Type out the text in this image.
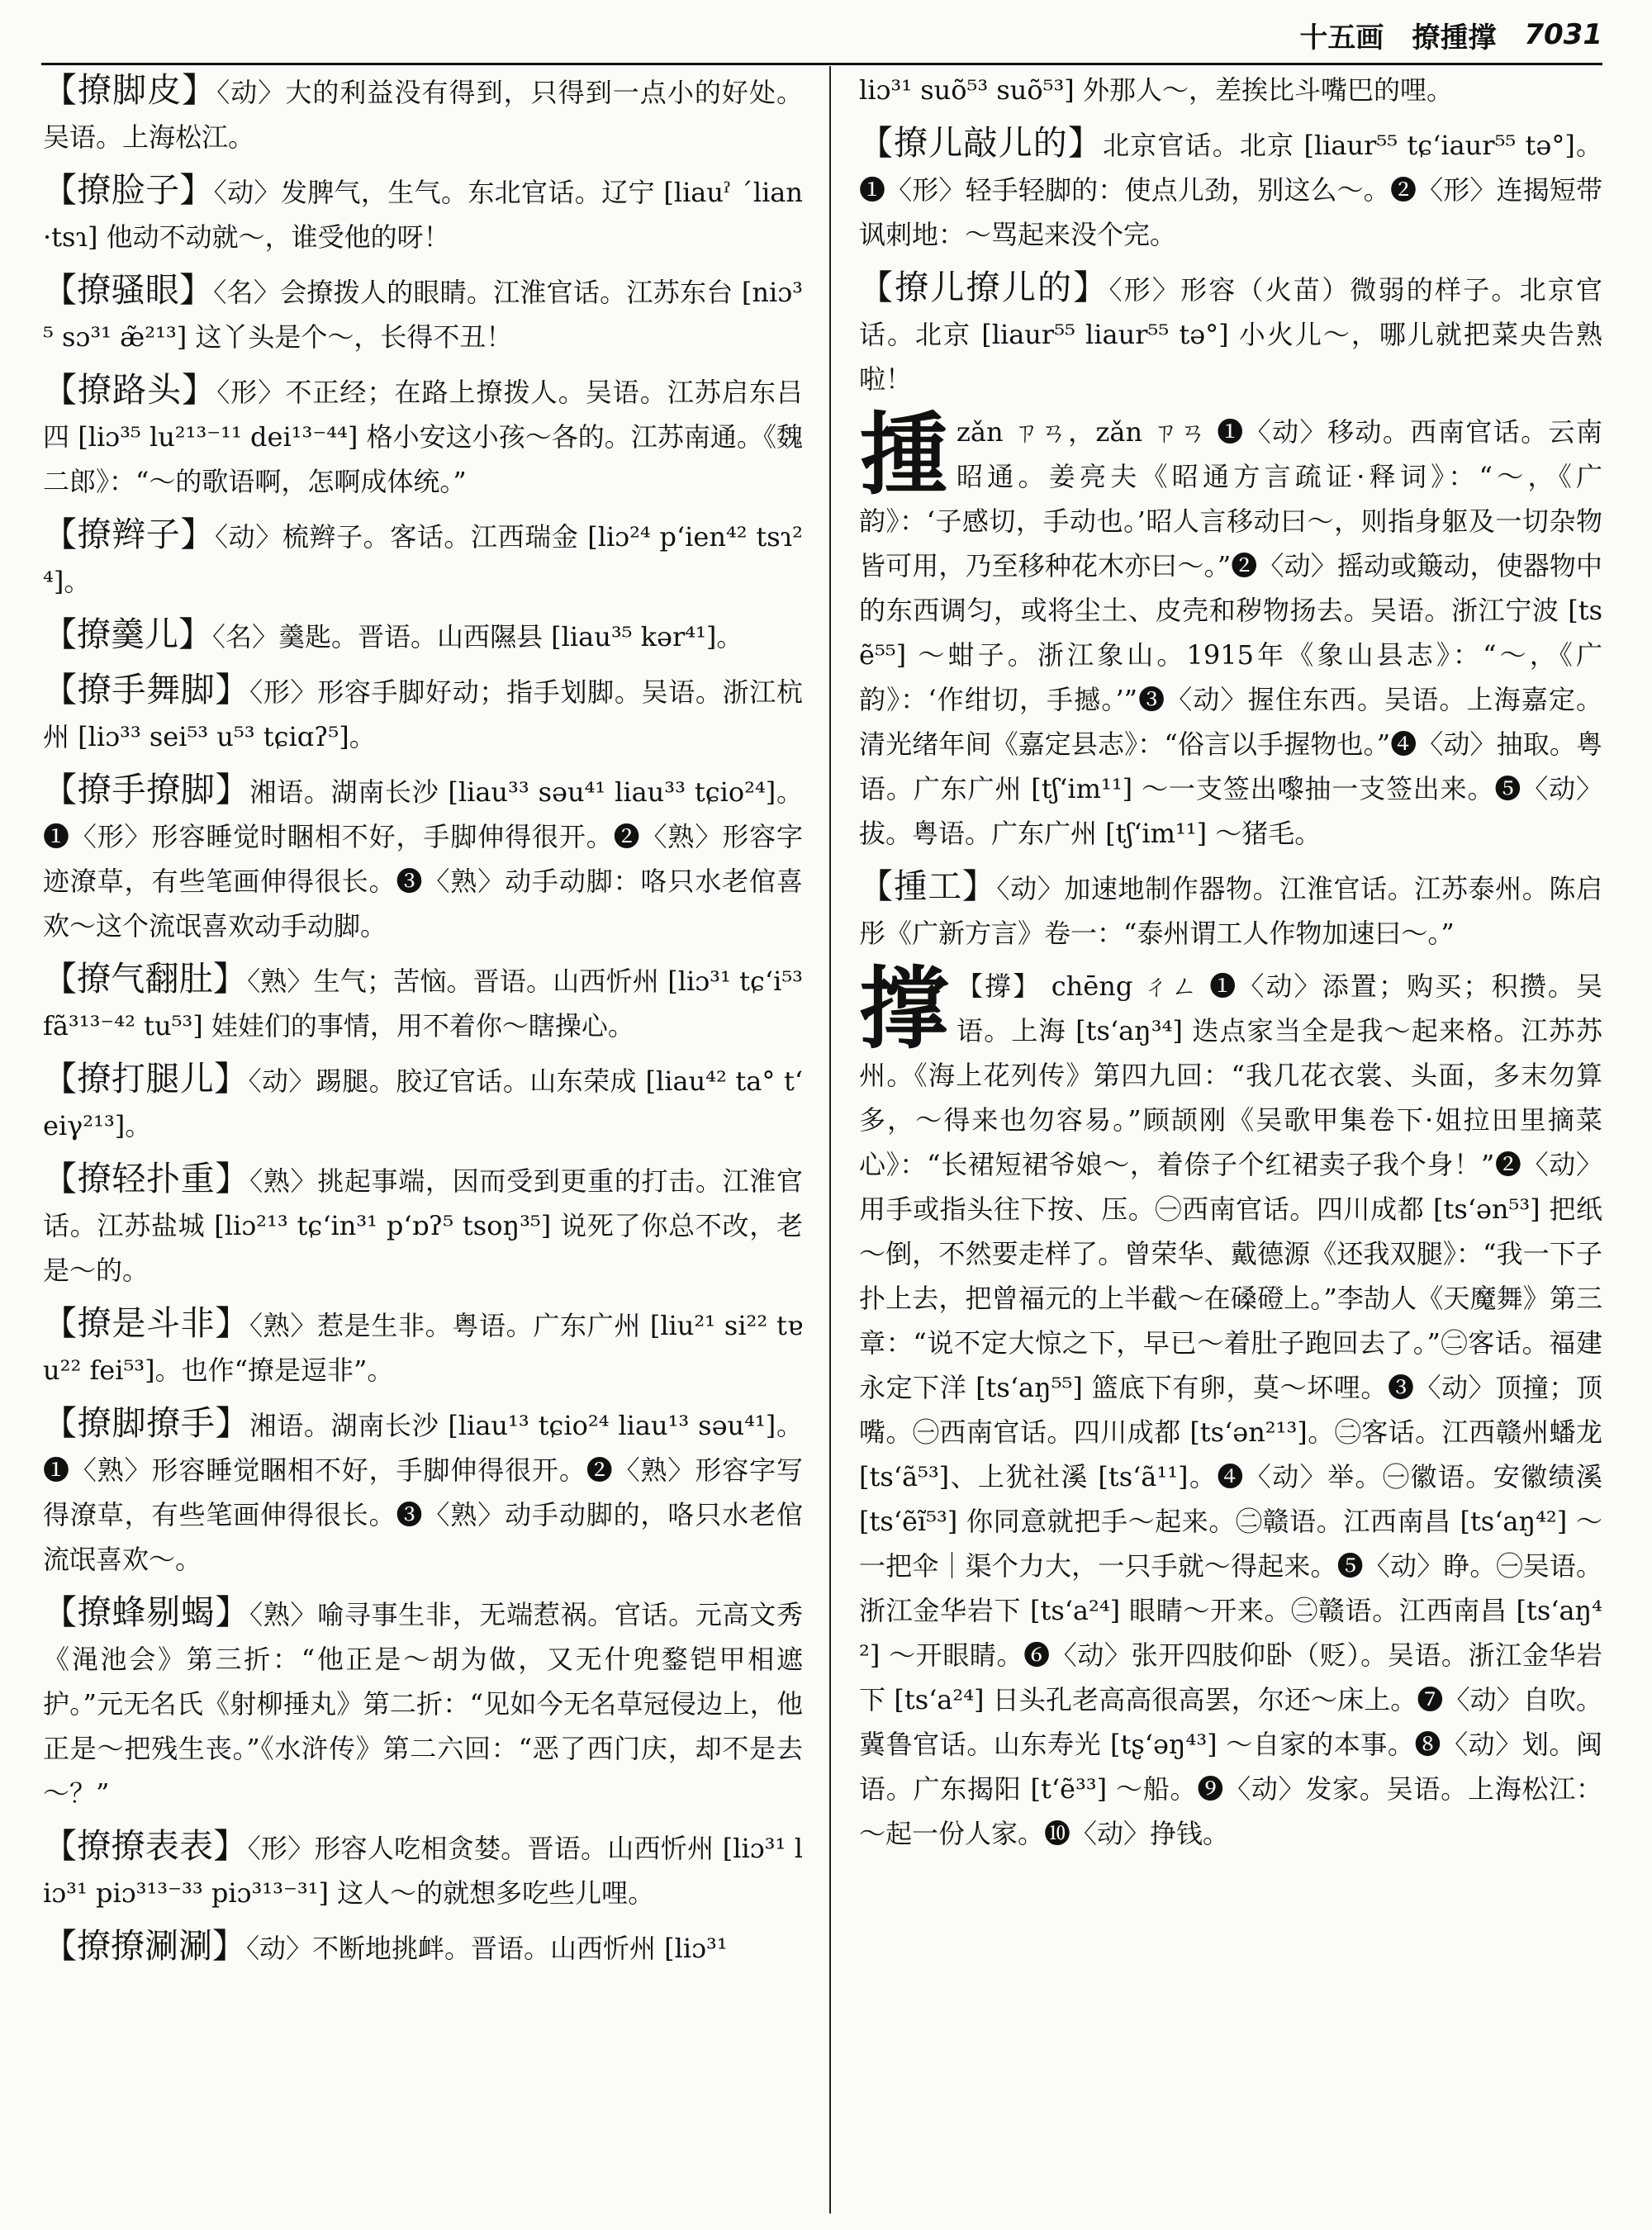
十五画 撩揰撑 7031
【撩脚皮】〈动〉大的利益没有得到，只得到一点小的好处。吴语。上海松江。
【撩脸子】〈动〉发脾气，生气。东北官话。辽宁 [liauˀ ˊlian ·tsɿ] 他动不动就～，谁受他的呀！
【撩骚眼】〈名〉会撩拨人的眼睛。江淮官话。江苏东台 [niɔ³⁵ sɔ³¹ æ̃²¹³] 这丫头是个～，长得不丑！
【撩路头】〈形〉不正经；在路上撩拨人。吴语。江苏启东吕四 [liɔ³⁵ lu²¹³⁻¹¹ dei¹³⁻⁴⁴] 格小安这小孩～各的。江苏南通。《魏二郎》：“～的歌语啊，怎啊成体统。”
【撩辫子】〈动〉梳辫子。客话。江西瑞金 [liɔ²⁴ pʻien⁴² tsɿ²⁴]。
【撩羹儿】〈名〉羹匙。晋语。山西隰县 [liau³⁵ kər⁴¹]。
【撩手舞脚】〈形〉形容手脚好动；指手划脚。吴语。浙江杭州 [liɔ³³ sei⁵³ u⁵³ tɕiɑʔ⁵]。
【撩手撩脚】湘语。湖南长沙 [liau³³ səu⁴¹ liau³³ tɕio²⁴]。❶〈形〉形容睡觉时睏相不好，手脚伸得很开。❷〈熟〉形容字迹潦草，有些笔画伸得很长。❸〈熟〉动手动脚：咯只水老倌喜欢～这个流氓喜欢动手动脚。
【撩气翻肚】〈熟〉生气；苦恼。晋语。山西忻州 [liɔ³¹ tɕʻi⁵³ fã³¹³⁻⁴² tu⁵³] 娃娃们的事情，用不着你～瞎操心。
【撩打腿儿】〈动〉踢腿。胶辽官话。山东荣成 [liau⁴² ta° tʻeiγ²¹³]。
【撩轻扑重】〈熟〉挑起事端，因而受到更重的打击。江淮官话。江苏盐城 [liɔ²¹³ tɕʻin³¹ pʻɒʔ⁵ tsoŋ³⁵] 说死了你总不改，老是～的。
【撩是斗非】〈熟〉惹是生非。粤语。广东广州 [liu²¹ si²² tɐu²² fei⁵³]。也作“撩是逗非”。
【撩脚撩手】湘语。湖南长沙 [liau¹³ tɕio²⁴ liau¹³ səu⁴¹]。❶〈熟〉形容睡觉睏相不好，手脚伸得很开。❷〈熟〉形容字写得潦草，有些笔画伸得很长。❸〈熟〉动手动脚的，咯只水老倌流氓喜欢～。
【撩蜂剔蝎】〈熟〉喻寻事生非，无端惹祸。官话。元高文秀《渑池会》第三折：“他正是～胡为做，又无什兜鍪铠甲相遮护。”元无名氏《射柳捶丸》第二折：“见如今无名草冠侵边上，他正是～把残生丧。”《水浒传》第二六回：“恶了西门庆，却不是去～？”
【撩撩表表】〈形〉形容人吃相贪婪。晋语。山西忻州 [liɔ³¹ liɔ³¹ piɔ³¹³⁻³³ piɔ³¹³⁻³¹] 这人～的就想多吃些儿哩。
【撩撩涮涮】〈动〉不断地挑衅。晋语。山西忻州 [liɔ³¹
liɔ³¹ suõ⁵³ suõ⁵³] 外那人～，差挨比斗嘴巴的哩。
【撩儿敲儿的】北京官话。北京 [liaur⁵⁵ tɕʻiaur⁵⁵ tə°]。❶〈形〉轻手轻脚的：使点儿劲，别这么～。❷〈形〉连揭短带讽刺地：～骂起来没个完。
【撩儿撩儿的】〈形〉形容（火苗）微弱的样子。北京官话。北京 [liaur⁵⁵ liaur⁵⁵ tə°] 小火儿～，哪儿就把菜央告熟啦！
揰zǎn ㄗㄢ，zǎn ㄗㄢ ❶〈动〉移动。西南官话。云南昭通。姜亮夫《昭通方言疏证·释词》：“～，《广韵》：‘子感切，手动也。’昭人言移动曰～，则指身躯及一切杂物皆可用，乃至移种花木亦曰～。”❷〈动〉摇动或簸动，使器物中的东西调匀，或将尘土、皮壳和秽物扬去。吴语。浙江宁波 [tsẽ⁵⁵] ～蚶子。浙江象山。1915年《象山县志》：“～，《广韵》：‘作绀切，手撼。’”❸〈动〉握住东西。吴语。上海嘉定。清光绪年间《嘉定县志》：“俗言以手握物也。”❹〈动〉抽取。粤语。广东广州 [tʃʻim¹¹] ～一支签出嚟抽一支签出来。❺〈动〉拔。粤语。广东广州 [tʃʻim¹¹] ～猪毛。
【揰工】〈动〉加速地制作器物。江淮官话。江苏泰州。陈启彤《广新方言》卷一：“泰州谓工人作物加速曰～。”
撑 【撐】 chēng ㄔㄥ ❶〈动〉添置；购买；积攒。吴语。上海 [tsʻaŋ³⁴] 迭点家当全是我～起来格。江苏苏州。《海上花列传》第四九回：“我几花衣裳、头面，多末勿算多，～得来也勿容易。”顾颉刚《吴歌甲集卷下·姐拉田里摘菜心》：“长裙短裙爷娘～，着倷子个红裙卖子我个身！”❷〈动〉用手或指头往下按、压。㊀西南官话。四川成都 [tsʻən⁵³] 把纸～倒，不然要走样了。曾荣华、戴德源《还我双腿》：“我一下子扑上去，把曾福元的上半截～在磉磴上。”李劼人《天魔舞》第三章：“说不定大惊之下，早已～着肚子跑回去了。”㊁客话。福建永定下洋 [tsʻaŋ⁵⁵] 篮底下有卵，莫～坏哩。❸〈动〉顶撞；顶嘴。㊀西南官话。四川成都 [tsʻən²¹³]。㊁客话。江西赣州蟠龙 [tsʻã⁵³]、上犹社溪 [tsʻã¹¹]。❹〈动〉举。㊀徽语。安徽绩溪 [tsʻẽĩ⁵³] 你同意就把手～起来。㊁赣语。江西南昌 [tsʻaŋ⁴²] ～一把伞｜渠个力大，一只手就～得起来。❺〈动〉睁。㊀吴语。浙江金华岩下 [tsʻa²⁴] 眼睛～开来。㊁赣语。江西南昌 [tsʻaŋ⁴²] ～开眼睛。❻〈动〉张开四肢仰卧（贬）。吴语。浙江金华岩下 [tsʻa²⁴] 日头孔老高高很高罢，尔还～床上。❼〈动〉自吹。冀鲁官话。山东寿光 [tʂʻəŋ⁴³] ～自家的本事。❽〈动〉划。闽语。广东揭阳 [tʻẽ³³] ～船。❾〈动〉发家。吴语。上海松江：～起一份人家。❿〈动〉挣钱。
